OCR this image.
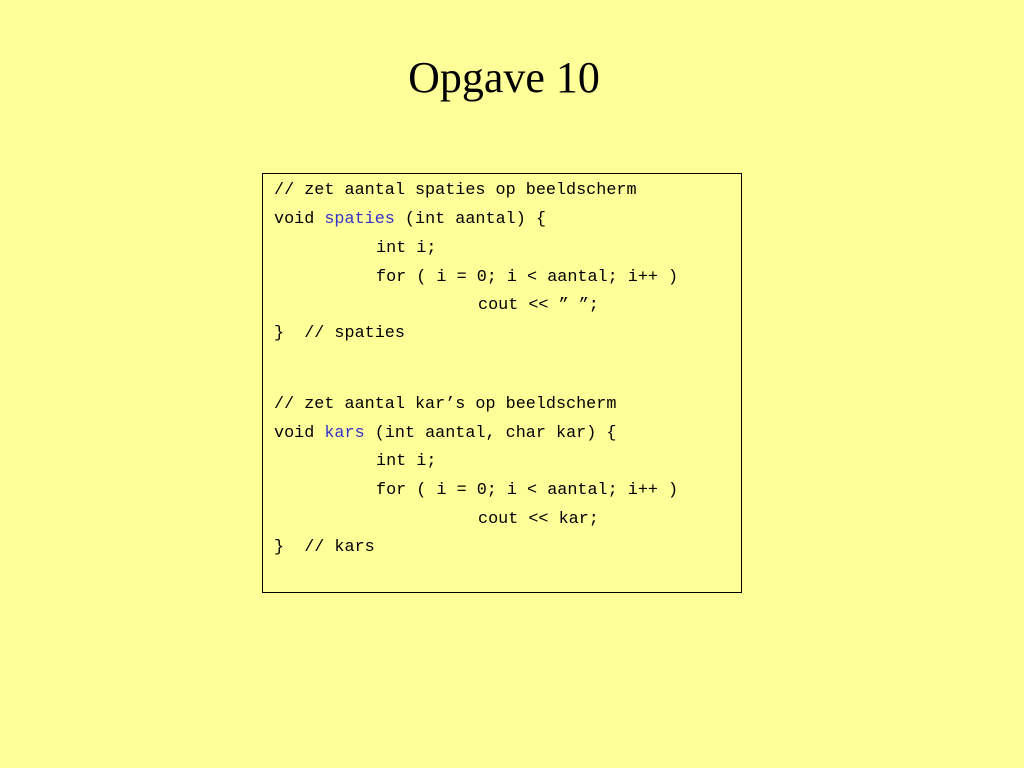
Opgave 10
// zet aantal spaties op beeldscherm
void spaties (int aantal) {
int i;
for ( i = 0; i < aantal; i++ )
cout << ” ”;
}  // spaties
// zet aantal kar’s op beeldscherm
void kars (int aantal, char kar) {
int i;
for ( i = 0; i < aantal; i++ )
cout << kar;
}  // kars
